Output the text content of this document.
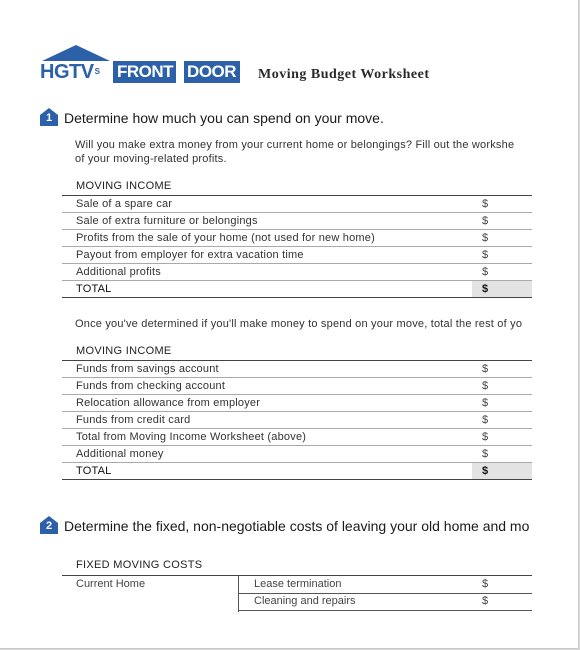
HGTVS FRONT DOOR Moving Budget Worksheet
1 Determine how much you can spend on your move.
Will you make extra money from your current home or belongings? Fill out the workshe
of your moving-related profits.
MOVING INCOME
Sale of a spare car	$
Sale of extra furniture or belongings	$
Profits from the sale of your home (not used for new home)	$
Payout from employer for extra vacation time	$
Additional profits	$
TOTAL	$
Once you've determined if you'll make money to spend on your move, total the rest of yo
MOVING INCOME
Funds from savings account	$
Funds from checking account	$
Relocation allowance from employer	$
Funds from credit card	$
Total from Moving Income Worksheet (above)	$
Additional money	$
TOTAL	$
2 Determine the fixed, non-negotiable costs of leaving your old home and mo
FIXED MOVING COSTS
Current Home	Lease termination	$
Cleaning and repairs	$
